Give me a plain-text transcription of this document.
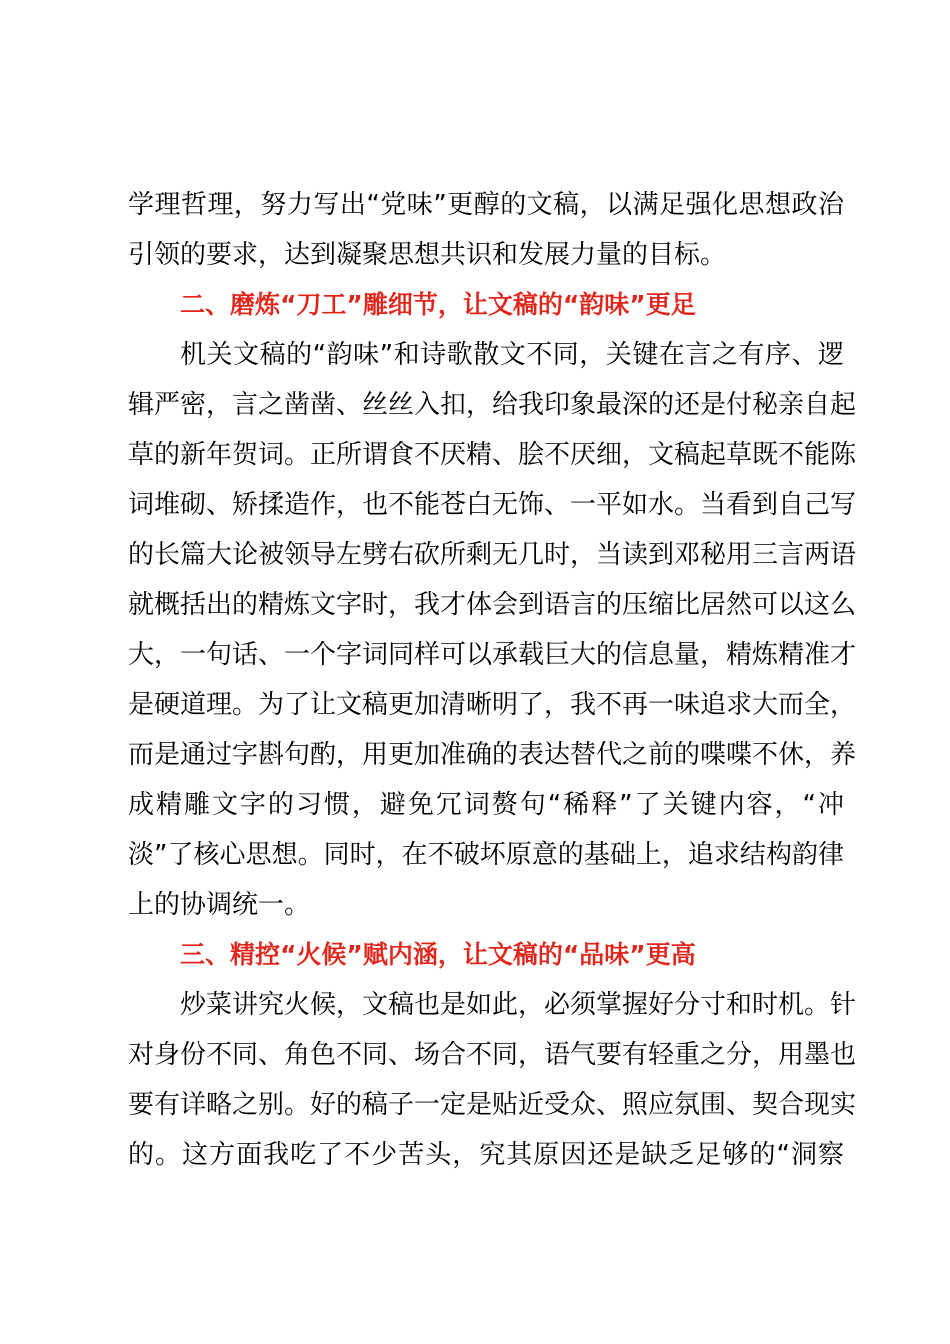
学理哲理，努力写出“党味”更醇的文稿，以满足强化思想政治
引领的要求，达到凝聚思想共识和发展力量的目标。
二、磨炼“刀工”雕细节，让文稿的“韵味”更足
机关文稿的“韵味”和诗歌散文不同，关键在言之有序、逻
辑严密，言之凿凿、丝丝入扣，给我印象最深的还是付秘亲自起
草的新年贺词。正所谓食不厌精、脍不厌细，文稿起草既不能陈
词堆砌、矫揉造作，也不能苍白无饰、一平如水。当看到自己写
的长篇大论被领导左劈右砍所剩无几时，当读到邓秘用三言两语
就概括出的精炼文字时，我才体会到语言的压缩比居然可以这么
大，一句话、一个字词同样可以承载巨大的信息量，精炼精准才
是硬道理。为了让文稿更加清晰明了，我不再一味追求大而全，
而是通过字斟句酌，用更加准确的表达替代之前的喋喋不休，养
成精雕文字的习惯，避免冗词赘句“稀释”了关键内容，“冲
淡”了核心思想。同时，在不破坏原意的基础上，追求结构韵律
上的协调统一。
三、精控“火候”赋内涵，让文稿的“品味”更高
炒菜讲究火候，文稿也是如此，必须掌握好分寸和时机。针
对身份不同、角色不同、场合不同，语气要有轻重之分，用墨也
要有详略之别。好的稿子一定是贴近受众、照应氛围、契合现实
的。这方面我吃了不少苦头，究其原因还是缺乏足够的“洞察
